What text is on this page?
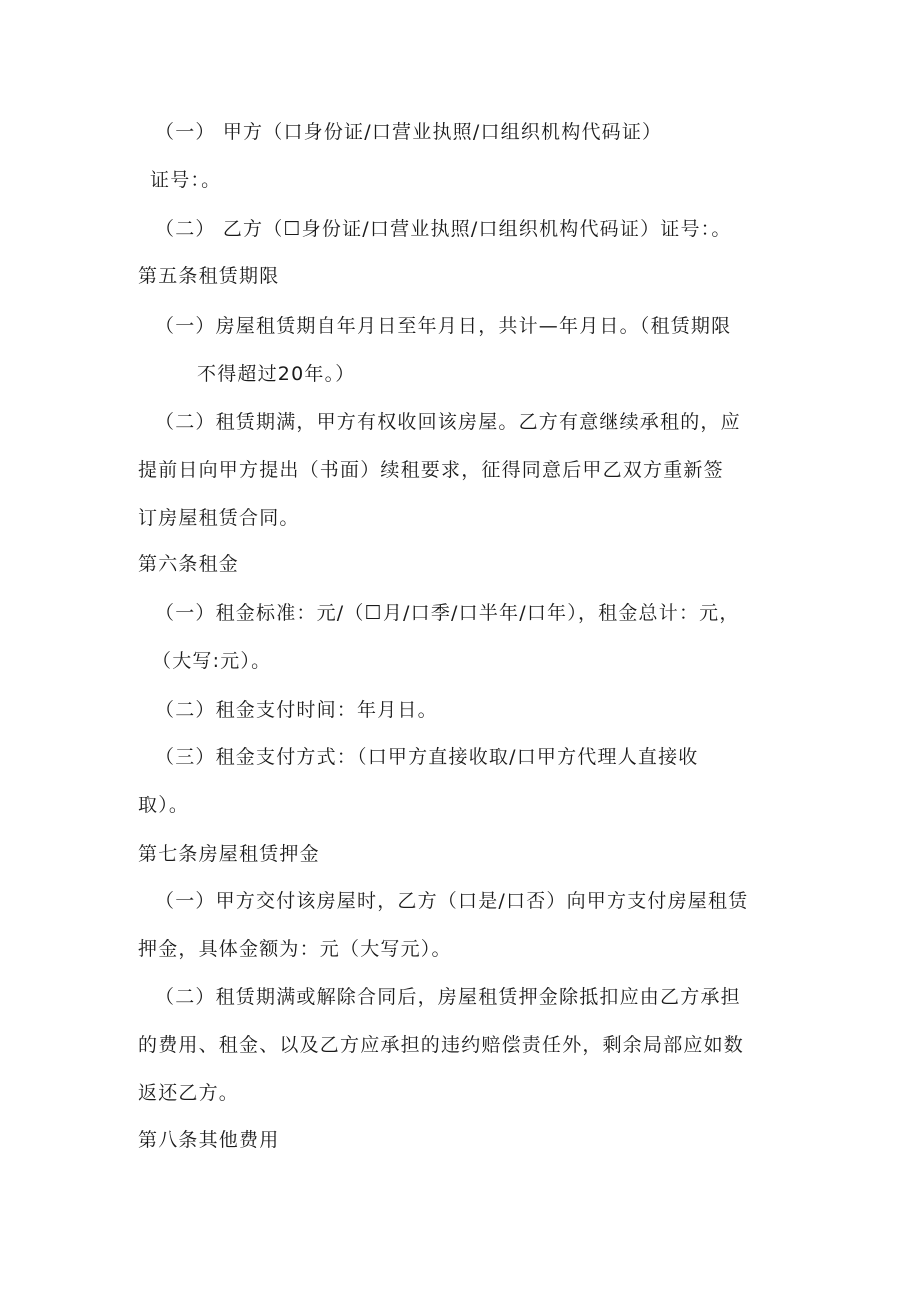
（一） 甲方（口身份证/口营业执照/口组织机构代码证）
证号：。
（二） 乙方（☐身份证/口营业执照/口组织机构代码证）证号：。
第五条租赁期限
（一）房屋租赁期自年月日至年月日，共计—年月日。（租赁期限
不得超过20年。）
（二）租赁期满，甲方有权收回该房屋。乙方有意继续承租的，应
提前日向甲方提出（书面）续租要求，征得同意后甲乙双方重新签
订房屋租赁合同。
第六条租金
（一）租金标准：元/（☐月/口季/口半年/口年），租金总计：元，
（大写:元）。
（二）租金支付时间：年月日。
（三）租金支付方式：（口甲方直接收取/口甲方代理人直接收
取）。
第七条房屋租赁押金
（一）甲方交付该房屋时，乙方（口是/口否）向甲方支付房屋租赁
押金，具体金额为：元（大写元）。
（二）租赁期满或解除合同后，房屋租赁押金除抵扣应由乙方承担
的费用、租金、以及乙方应承担的违约赔偿责任外，剩余局部应如数
返还乙方。
第八条其他费用
